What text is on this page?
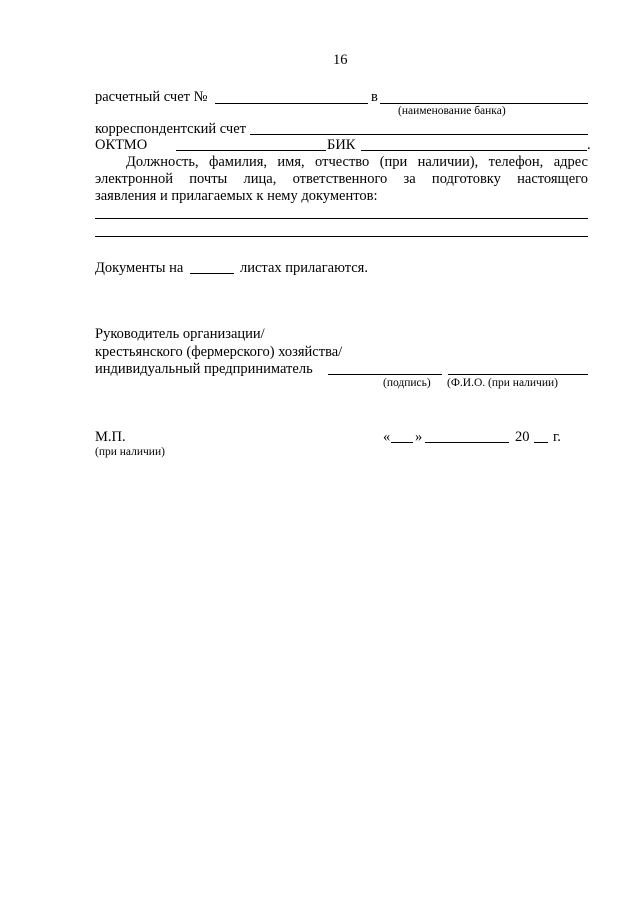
16
расчетный счет №	в
(наименование банка)
корреспондентский счет
ОКТМО	БИК	.
Должность, фамилия, имя, отчество (при наличии), телефон, адрес
электронной почты лица, ответственного за подготовку настоящего
заявления и прилагаемых к нему документов:
Документы на	листах прилагаются.
Руководитель организации/
крестьянского (фермерского) хозяйства/
индивидуальный предприниматель
(подпись) (Ф.И.О. (при наличии)
М.П.
(при наличии)
« »	20 г.
